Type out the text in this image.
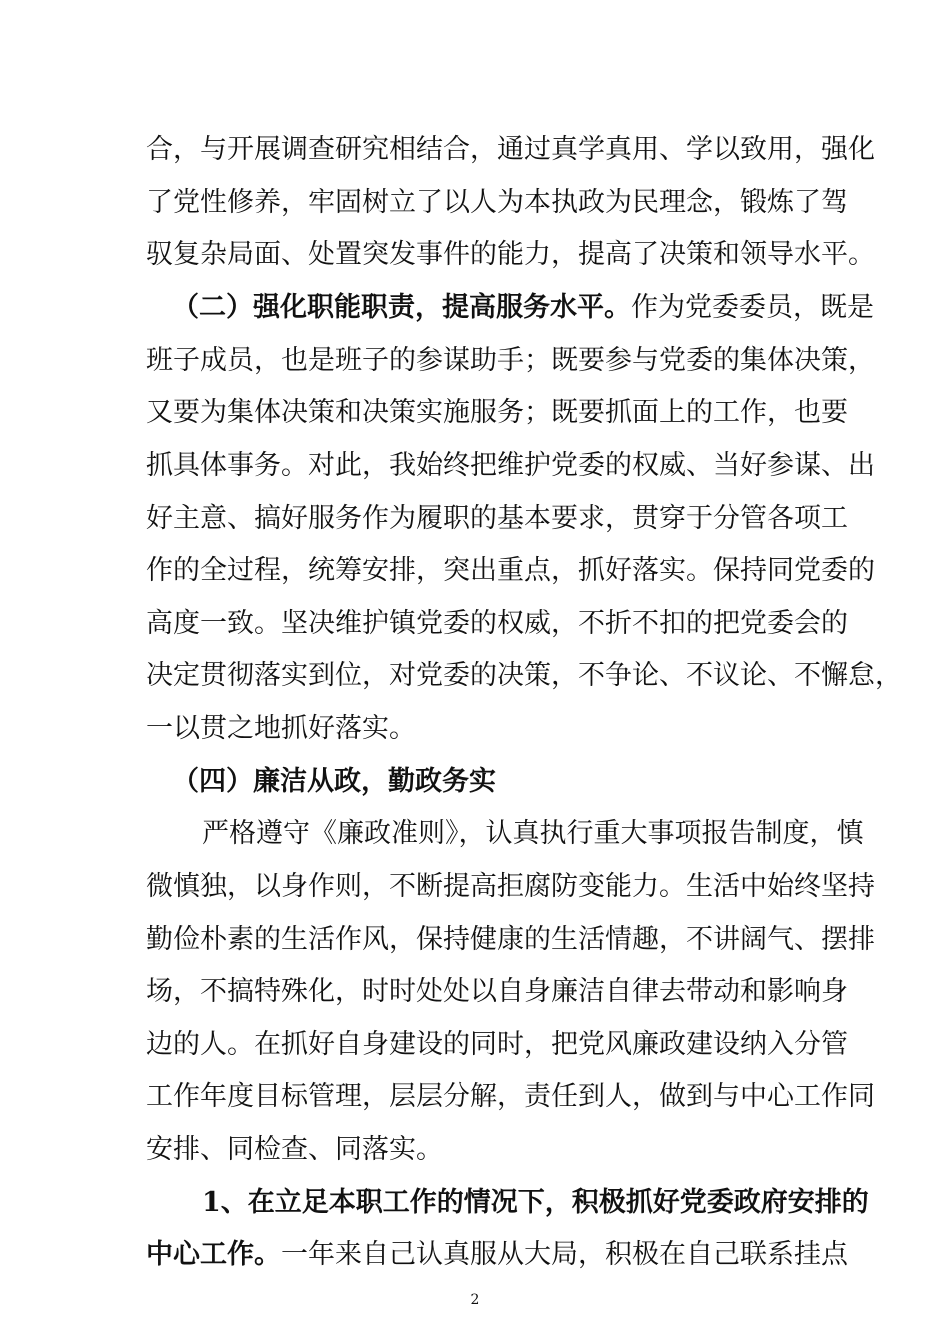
合，与开展调查研究相结合，通过真学真用、学以致用，强化
了党性修养，牢固树立了以人为本执政为民理念，锻炼了驾
驭复杂局面、处置突发事件的能力，提高了决策和领导水平。
（二）强化职能职责，提高服务水平。作为党委委员，既是
班子成员，也是班子的参谋助手；既要参与党委的集体决策，
又要为集体决策和决策实施服务；既要抓面上的工作，也要
抓具体事务。对此，我始终把维护党委的权威、当好参谋、出
好主意、搞好服务作为履职的基本要求，贯穿于分管各项工
作的全过程，统筹安排，突出重点，抓好落实。保持同党委的
高度一致。坚决维护镇党委的权威，不折不扣的把党委会的
决定贯彻落实到位，对党委的决策，不争论、不议论、不懈怠，
一以贯之地抓好落实。
（四）廉洁从政，勤政务实
严格遵守《廉政准则》，认真执行重大事项报告制度，慎
微慎独，以身作则，不断提高拒腐防变能力。生活中始终坚持
勤俭朴素的生活作风，保持健康的生活情趣，不讲阔气、摆排
场，不搞特殊化，时时处处以自身廉洁自律去带动和影响身
边的人。在抓好自身建设的同时，把党风廉政建设纳入分管
工作年度目标管理，层层分解，责任到人，做到与中心工作同
安排、同检查、同落实。
1、在立足本职工作的情况下，积极抓好党委政府安排的
中心工作。一年来自己认真服从大局，积极在自己联系挂点
2
